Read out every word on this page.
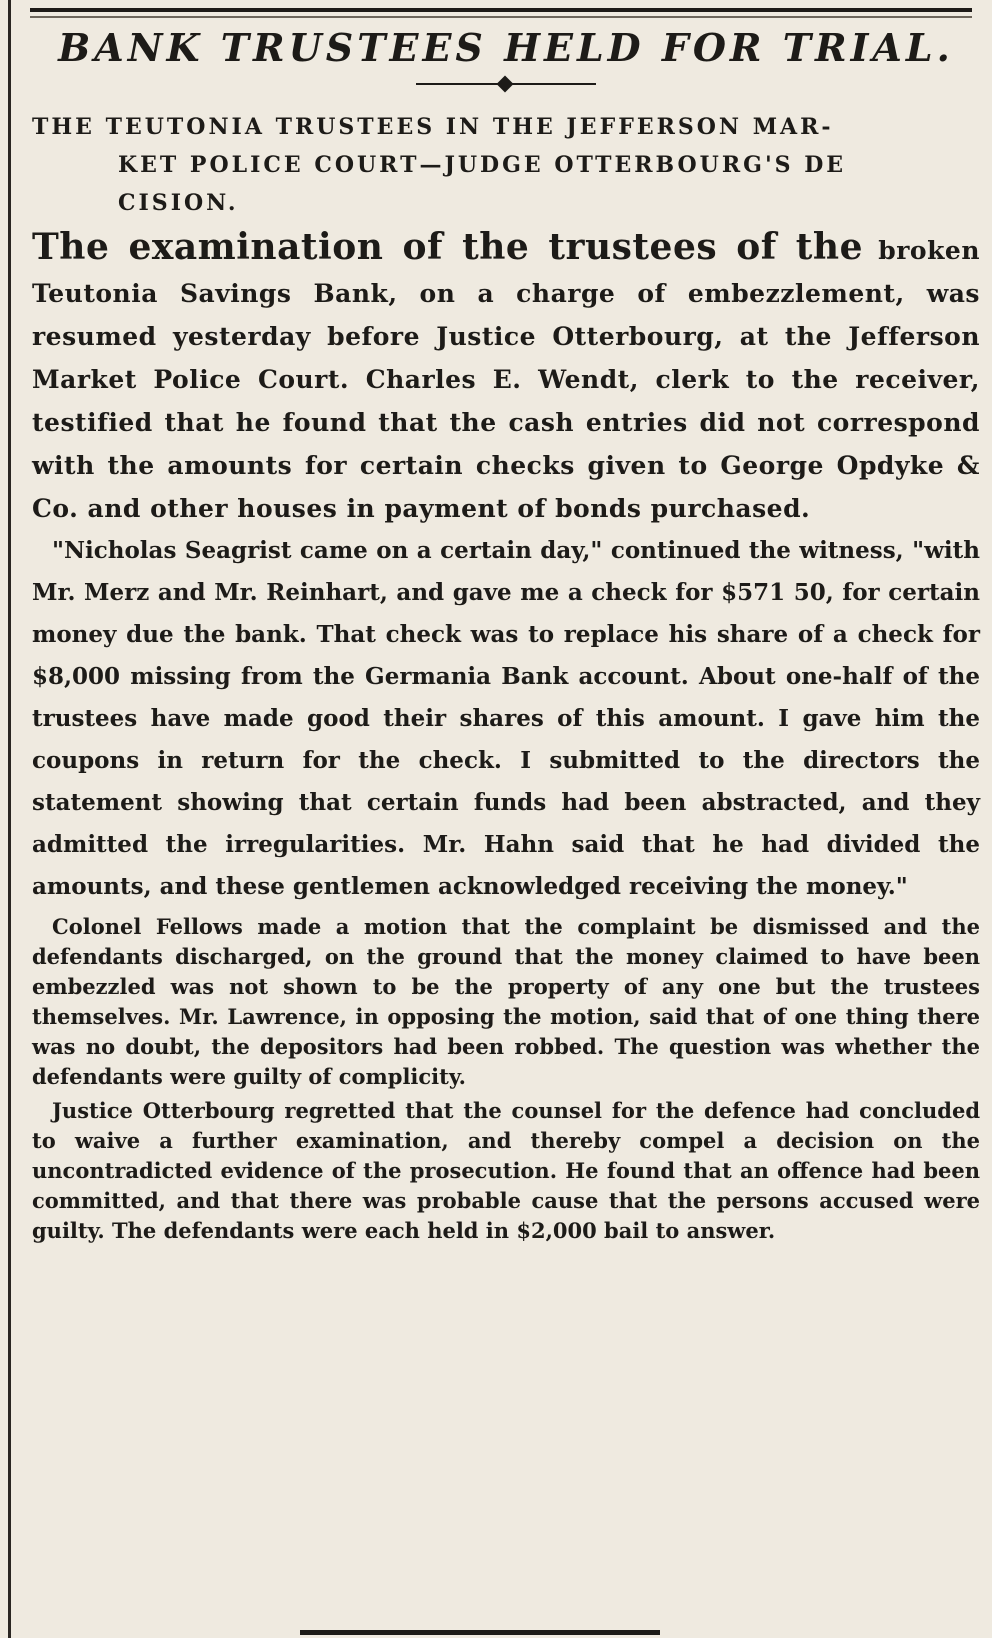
BANK TRUSTEES HELD FOR TRIAL.
THE TEUTONIA TRUSTEES IN THE JEFFERSON MAR-
KET POLICE COURT—JUDGE OTTERBOURG'S DE
CISION.

The examination of the trustees of the broken Teutonia Savings Bank, on a charge of embezzlement, was resumed yesterday before Justice Otterbourg, at the Jefferson Market Police Court. Charles E. Wendt, clerk to the receiver, testified that he found that the cash entries did not correspond with the amounts for certain checks given to George Opdyke & Co. and other houses in payment of bonds purchased.

"Nicholas Seagrist came on a certain day," continued the witness, "with Mr. Merz and Mr. Reinhart, and gave me a check for $571 50, for certain money due the bank. That check was to replace his share of a check for $8,000 missing from the Germania Bank account. About one-half of the trustees have made good their shares of this amount. I gave him the coupons in return for the check. I submitted to the directors the statement showing that certain funds had been abstracted, and they admitted the irregularities. Mr. Hahn said that he had divided the amounts, and these gentlemen acknowledged receiving the money."

Colonel Fellows made a motion that the complaint be dismissed and the defendants discharged, on the ground that the money claimed to have been embezzled was not shown to be the property of any one but the trustees themselves. Mr. Lawrence, in opposing the motion, said that of one thing there was no doubt, the depositors had been robbed. The question was whether the defendants were guilty of complicity.

Justice Otterbourg regretted that the counsel for the defence had concluded to waive a further examination, and thereby compel a decision on the uncontradicted evidence of the prosecution. He found that an offence had been committed, and that there was probable cause that the persons accused were guilty. The defendants were each held in $2,000 bail to answer.
